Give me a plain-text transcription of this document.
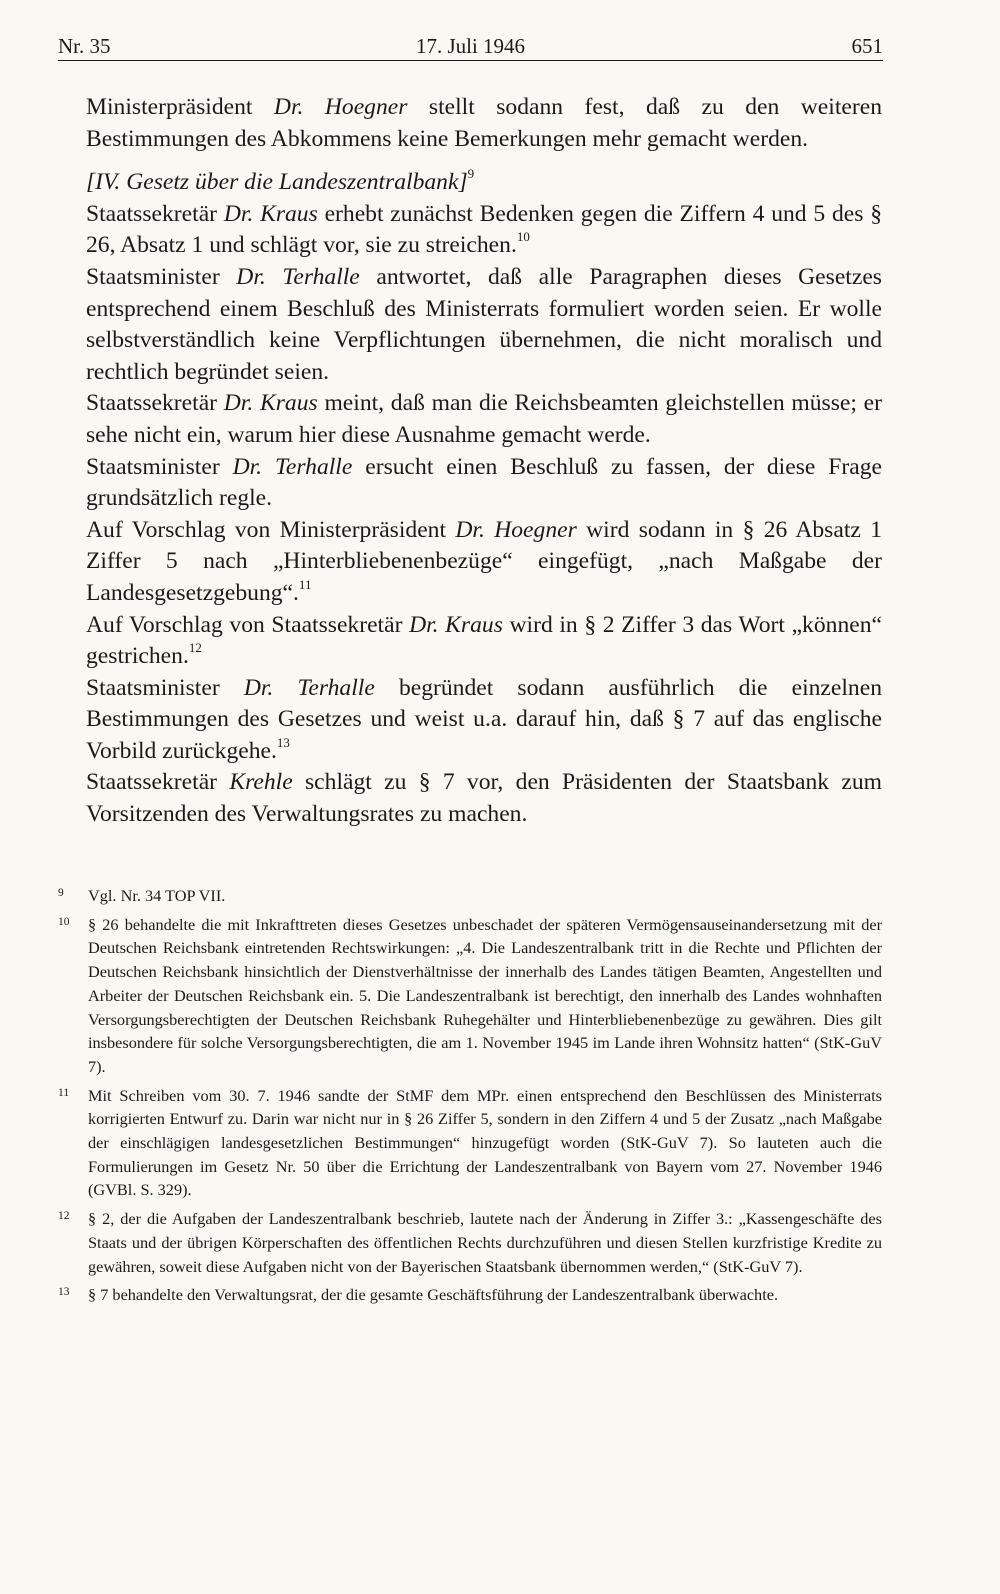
Nr. 35	17. Juli 1946	651

Ministerpräsident Dr. Hoegner stellt sodann fest, daß zu den weiteren Bestimmungen des Abkommens keine Bemerkungen mehr gemacht werden.

[IV. Gesetz über die Landeszentralbank]$^9$

Staatssekretär Dr. Kraus erhebt zunächst Bedenken gegen die Ziffern 4 und 5 des § 26, Absatz 1 und schlägt vor, sie zu streichen.$^{10}$

Staatsminister Dr. Terhalle antwortet, daß alle Paragraphen dieses Gesetzes entsprechend einem Beschluß des Ministerrats formuliert worden seien. Er wolle selbstverständlich keine Verpflichtungen übernehmen, die nicht moralisch und rechtlich begründet seien.

Staatssekretär Dr. Kraus meint, daß man die Reichsbeamten gleichstellen müsse; er sehe nicht ein, warum hier diese Ausnahme gemacht werde.

Staatsminister Dr. Terhalle ersucht einen Beschluß zu fassen, der diese Frage grundsätzlich regle.

Auf Vorschlag von Ministerpräsident Dr. Hoegner wird sodann in § 26 Absatz 1 Ziffer 5 nach „Hinterbliebenenbezüge“ eingefügt, „nach Maßgabe der Landesgesetzgebung“.$^{11}$

Auf Vorschlag von Staatssekretär Dr. Kraus wird in § 2 Ziffer 3 das Wort „können“ gestrichen.$^{12}$

Staatsminister Dr. Terhalle begründet sodann ausführlich die einzelnen Bestimmungen des Gesetzes und weist u.a. darauf hin, daß § 7 auf das englische Vorbild zurückgehe.$^{13}$

Staatssekretär Krehle schlägt zu § 7 vor, den Präsidenten der Staatsbank zum Vorsitzenden des Verwaltungsrates zu machen.

9	Vgl. Nr. 34 TOP VII.
10	§ 26 behandelte die mit Inkrafttreten dieses Gesetzes unbeschadet der späteren Vermögensauseinandersetzung mit der Deutschen Reichsbank eintretenden Rechtswirkungen: „4. Die Landeszentralbank tritt in die Rechte und Pflichten der Deutschen Reichsbank hinsichtlich der Dienstverhältnisse der innerhalb des Landes tätigen Beamten, Angestellten und Arbeiter der Deutschen Reichsbank ein. 5. Die Landeszentralbank ist berechtigt, den innerhalb des Landes wohnhaften Versorgungsberechtigten der Deutschen Reichsbank Ruhegehälter und Hinterbliebenenbezüge zu gewähren. Dies gilt insbesondere für solche Versorgungsberechtigten, die am 1. November 1945 im Lande ihren Wohnsitz hatten“ (StK-GuV 7).
11	Mit Schreiben vom 30. 7. 1946 sandte der StMF dem MPr. einen entsprechend den Beschlüssen des Ministerrats korrigierten Entwurf zu. Darin war nicht nur in § 26 Ziffer 5, sondern in den Ziffern 4 und 5 der Zusatz „nach Maßgabe der einschlägigen landesgesetzlichen Bestimmungen“ hinzugefügt worden (StK-GuV 7). So lauteten auch die Formulierungen im Gesetz Nr. 50 über die Errichtung der Landeszentralbank von Bayern vom 27. November 1946 (GVBl. S. 329).
12	§ 2, der die Aufgaben der Landeszentralbank beschrieb, lautete nach der Änderung in Ziffer 3.: „Kassengeschäfte des Staats und der übrigen Körperschaften des öffentlichen Rechts durchzuführen und diesen Stellen kurzfristige Kredite zu gewähren, soweit diese Aufgaben nicht von der Bayerischen Staatsbank übernommen werden,“ (StK-GuV 7).
13	§ 7 behandelte den Verwaltungsrat, der die gesamte Geschäftsführung der Landeszentralbank überwachte.
